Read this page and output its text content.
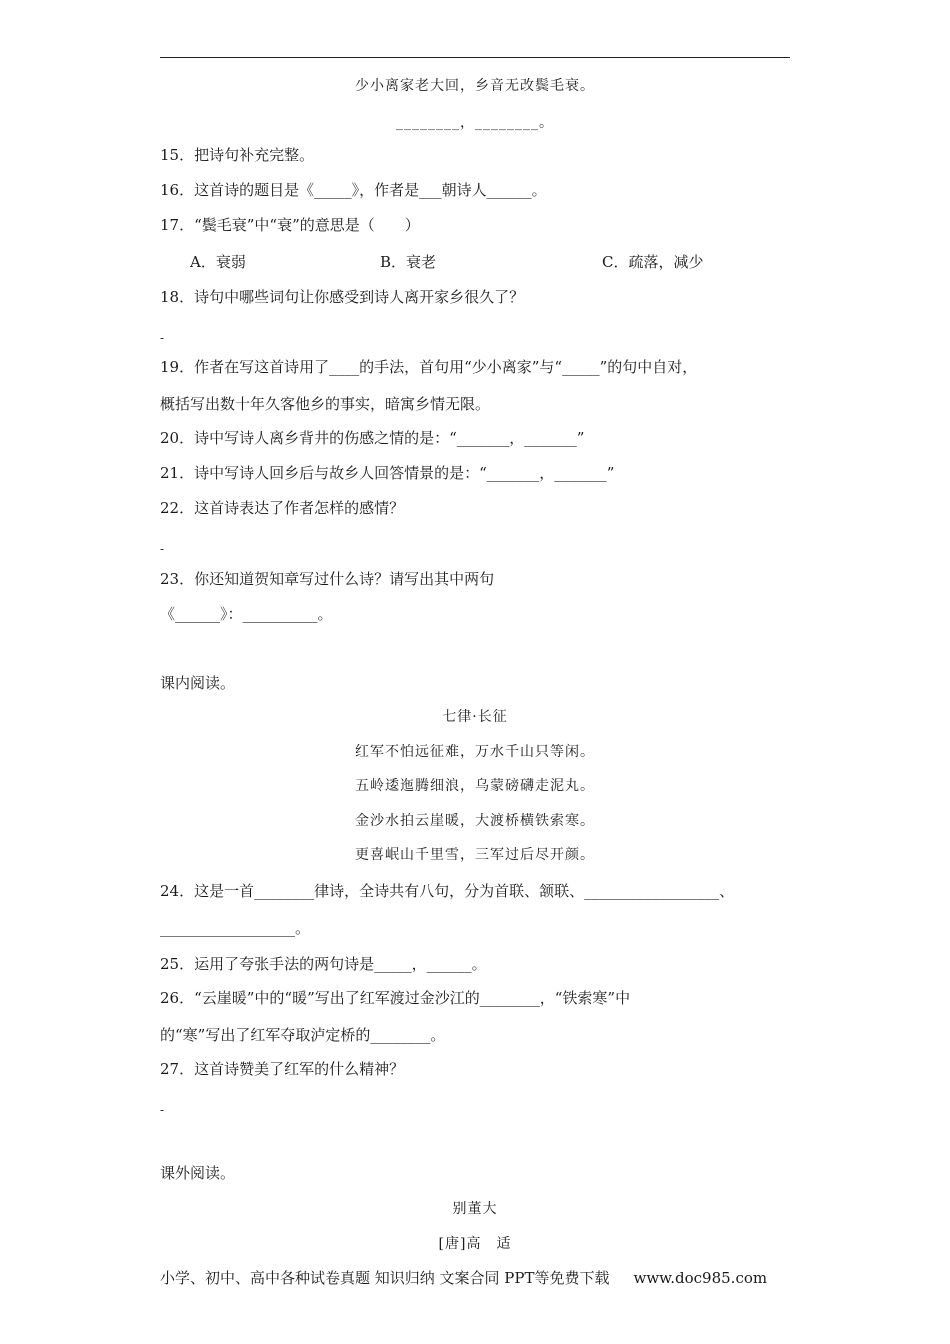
少小离家老大回，乡音无改鬓毛衰。
________，________。
15．把诗句补充完整。
16．这首诗的题目是《_____》，作者是___朝诗人______。
17．“鬓毛衰”中“衰”的意思是（　　）
A．衰弱	B．衰老	C．疏落，减少
18．诗句中哪些词句让你感受到诗人离开家乡很久了？
-
19．作者在写这首诗用了____的手法，首句用“少小离家”与“_____”的句中自对，
概括写出数十年久客他乡的事实，暗寓乡情无限。
20．诗中写诗人离乡背井的伤感之情的是：“_______，_______”
21．诗中写诗人回乡后与故乡人回答情景的是：“_______，_______”
22．这首诗表达了作者怎样的感情？
-
23．你还知道贺知章写过什么诗？请写出其中两句
《______》：__________。
课内阅读。
七律·长征
红军不怕远征难，万水千山只等闲。
五岭逶迤腾细浪，乌蒙磅礴走泥丸。
金沙水拍云崖暖，大渡桥横铁索寒。
更喜岷山千里雪，三军过后尽开颜。
24．这是一首________律诗，全诗共有八句，分为首联、颔联、__________________、
__________________。
25．运用了夸张手法的两句诗是_____，______。
26．“云崖暖”中的“暖”写出了红军渡过金沙江的________，“铁索寒”中
的“寒”写出了红军夺取泸定桥的________。
27．这首诗赞美了红军的什么精神？
-
课外阅读。
别董大
[唐]高　适
小学、初中、高中各种试卷真题 知识归纳 文案合同 PPT等免费下载 www.doc985.com
